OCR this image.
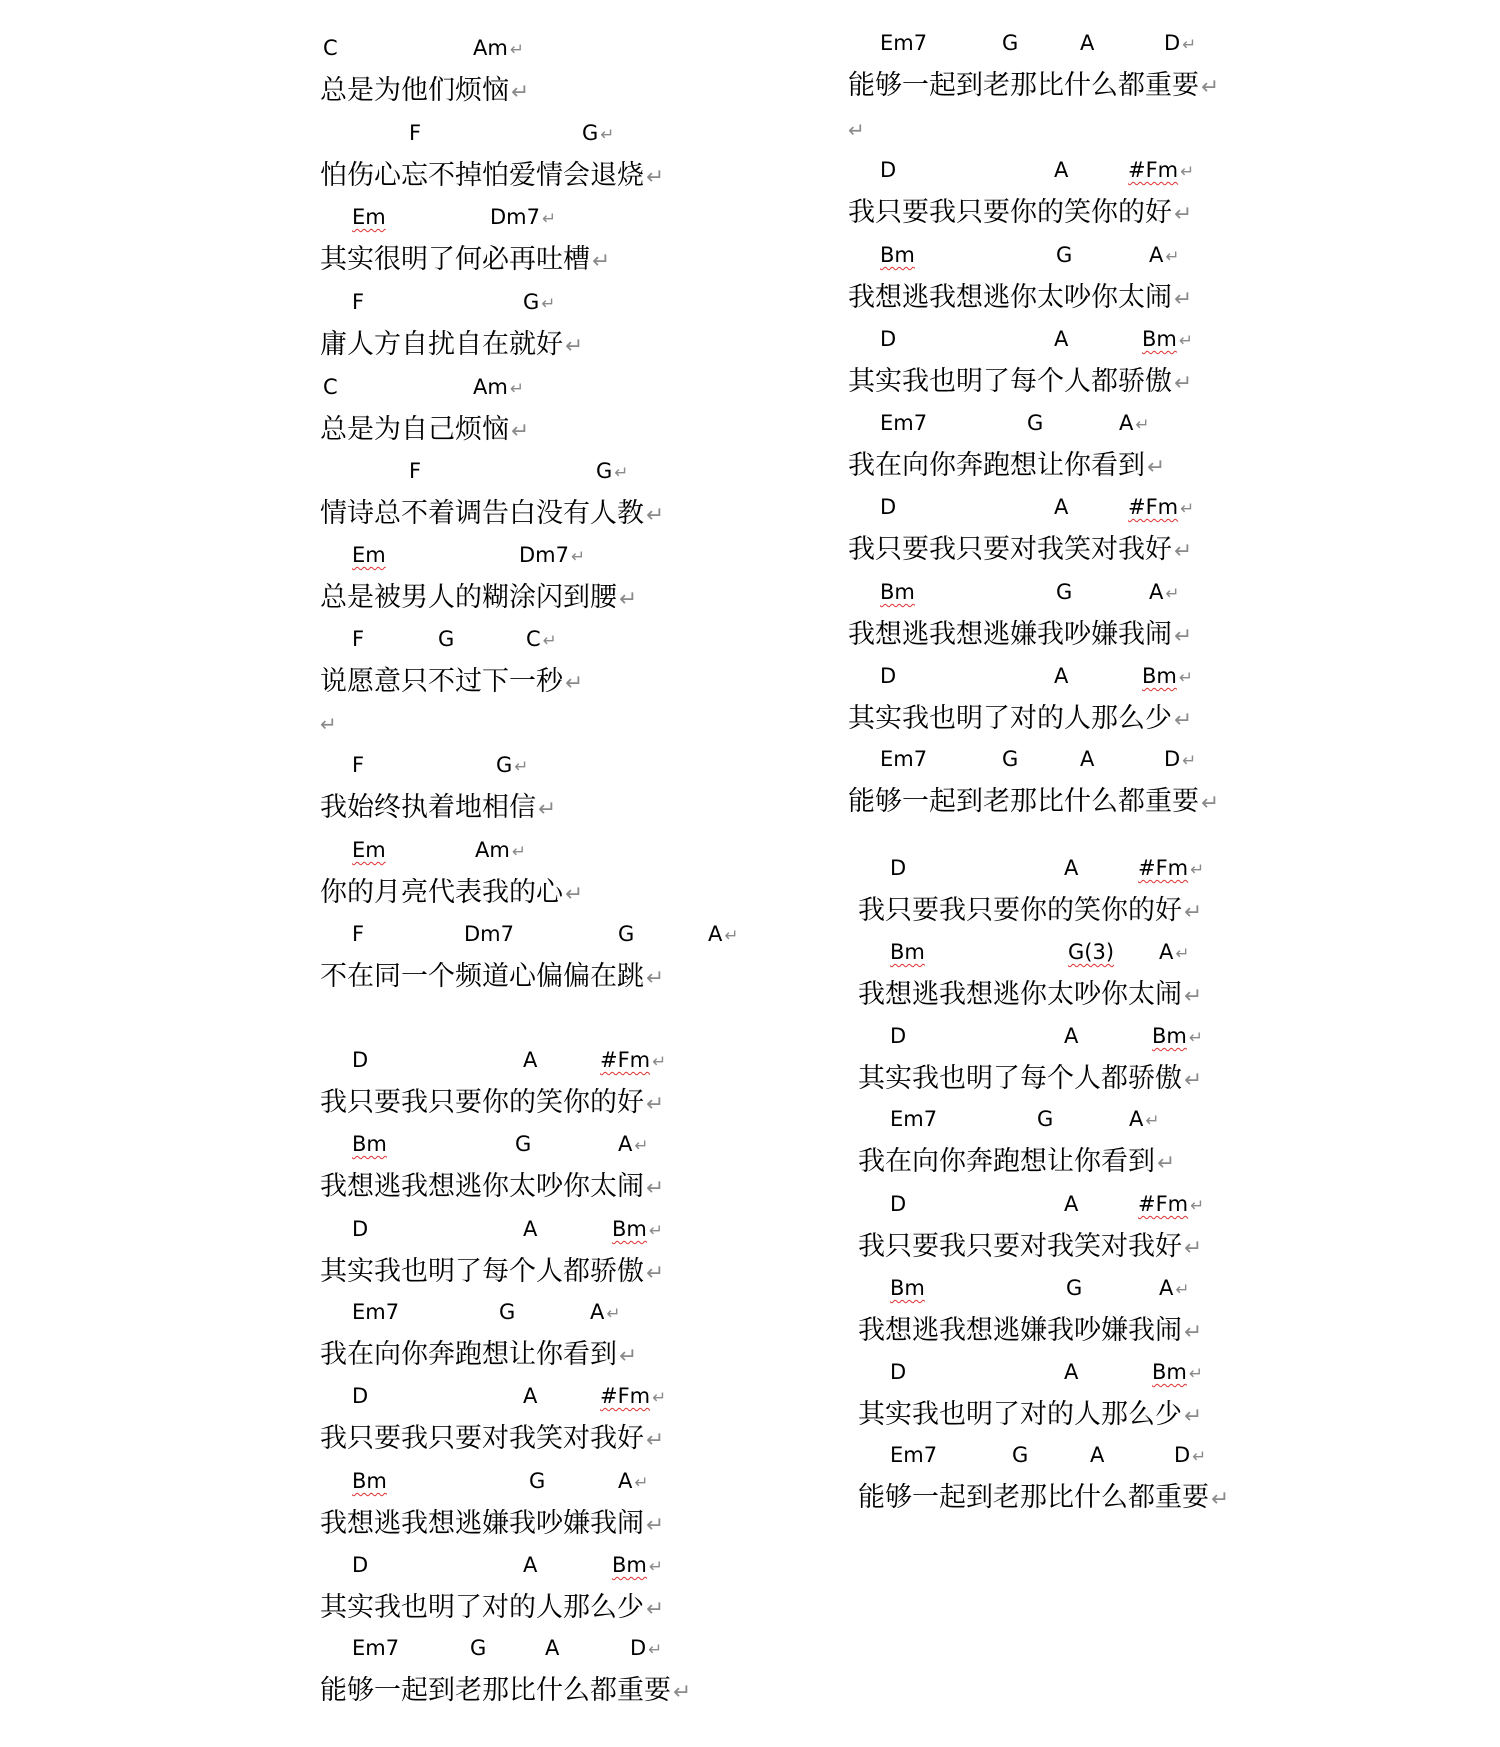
C	Am ↵
总是为他们烦恼↵
F	G ↵
怕伤心忘不掉怕爱情会退烧↵
Em	Dm7 ↵
其实很明了何必再吐槽↵
F	G ↵
庸人方自扰自在就好↵
C	Am ↵
总是为自己烦恼↵
F	G ↵
情诗总不着调告白没有人教↵
Em	Dm7 ↵
总是被男人的糊涂闪到腰↵
F	G	C ↵
说愿意只不过下一秒↵
↵
F	G ↵
我始终执着地相信↵
Em	Am ↵
你的月亮代表我的心↵
F	Dm7	G	A ↵
不在同一个频道心偏偏在跳↵
D	A	#Fm ↵
我只要我只要你的笑你的好↵
Bm	G	A ↵
我想逃我想逃你太吵你太闹↵
D	A	Bm ↵
其实我也明了每个人都骄傲↵
Em7	G	A ↵
我在向你奔跑想让你看到↵
D	A	#Fm ↵
我只要我只要对我笑对我好↵
Bm	G	A ↵
我想逃我想逃嫌我吵嫌我闹↵
D	A	Bm ↵
其实我也明了对的人那么少↵
Em7	G	A	D ↵
能够一起到老那比什么都重要↵
Em7	G	A	D ↵
能够一起到老那比什么都重要↵
↵
D	A	#Fm ↵
我只要我只要你的笑你的好↵
Bm	G	A ↵
我想逃我想逃你太吵你太闹↵
D	A	Bm ↵
其实我也明了每个人都骄傲↵
Em7	G	A ↵
我在向你奔跑想让你看到↵
D	A	#Fm ↵
我只要我只要对我笑对我好↵
Bm	G	A ↵
我想逃我想逃嫌我吵嫌我闹↵
D	A	Bm ↵
其实我也明了对的人那么少↵
Em7	G	A	D ↵
能够一起到老那比什么都重要↵
D	A	#Fm ↵
我只要我只要你的笑你的好↵
Bm	G(3) A ↵
我想逃我想逃你太吵你太闹↵
D	A	Bm ↵
其实我也明了每个人都骄傲↵
Em7	G	A ↵
我在向你奔跑想让你看到↵
D	A	#Fm ↵
我只要我只要对我笑对我好↵
Bm	G	A ↵
我想逃我想逃嫌我吵嫌我闹↵
D	A	Bm ↵
其实我也明了对的人那么少↵
Em7	G	A	D ↵
能够一起到老那比什么都重要↵
